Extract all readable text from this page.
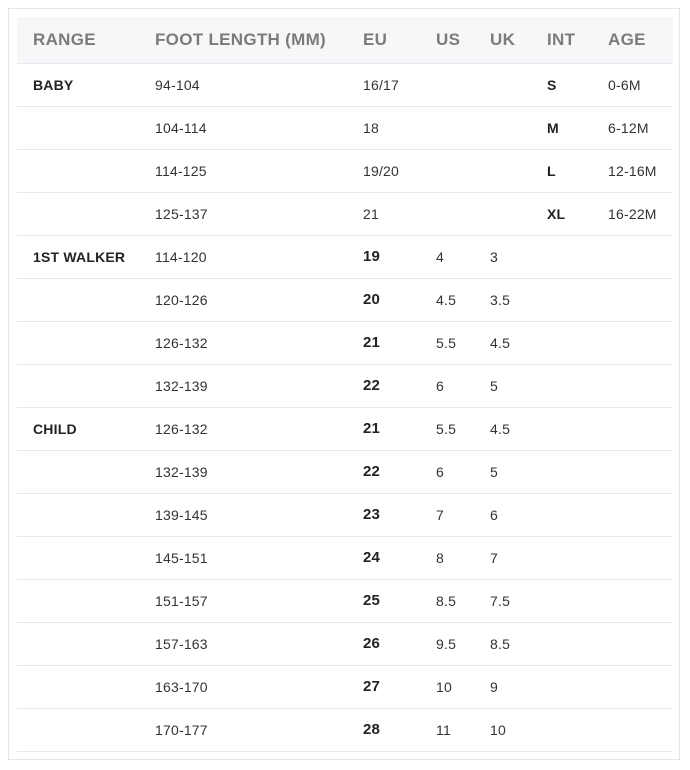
RANGE	FOOT LENGTH (MM)	EU	US	UK	INT	AGE
BABY	94-104	16/17			S	0-6M
	104-114	18			M	6-12M
	114-125	19/20			L	12-16M
	125-137	21			XL	16-22M
1ST WALKER	114-120	19	4	3		
	120-126	20	4.5	3.5		
	126-132	21	5.5	4.5		
	132-139	22	6	5		
CHILD	126-132	21	5.5	4.5		
	132-139	22	6	5		
	139-145	23	7	6		
	145-151	24	8	7		
	151-157	25	8.5	7.5		
	157-163	26	9.5	8.5		
	163-170	27	10	9		
	170-177	28	11	10		
